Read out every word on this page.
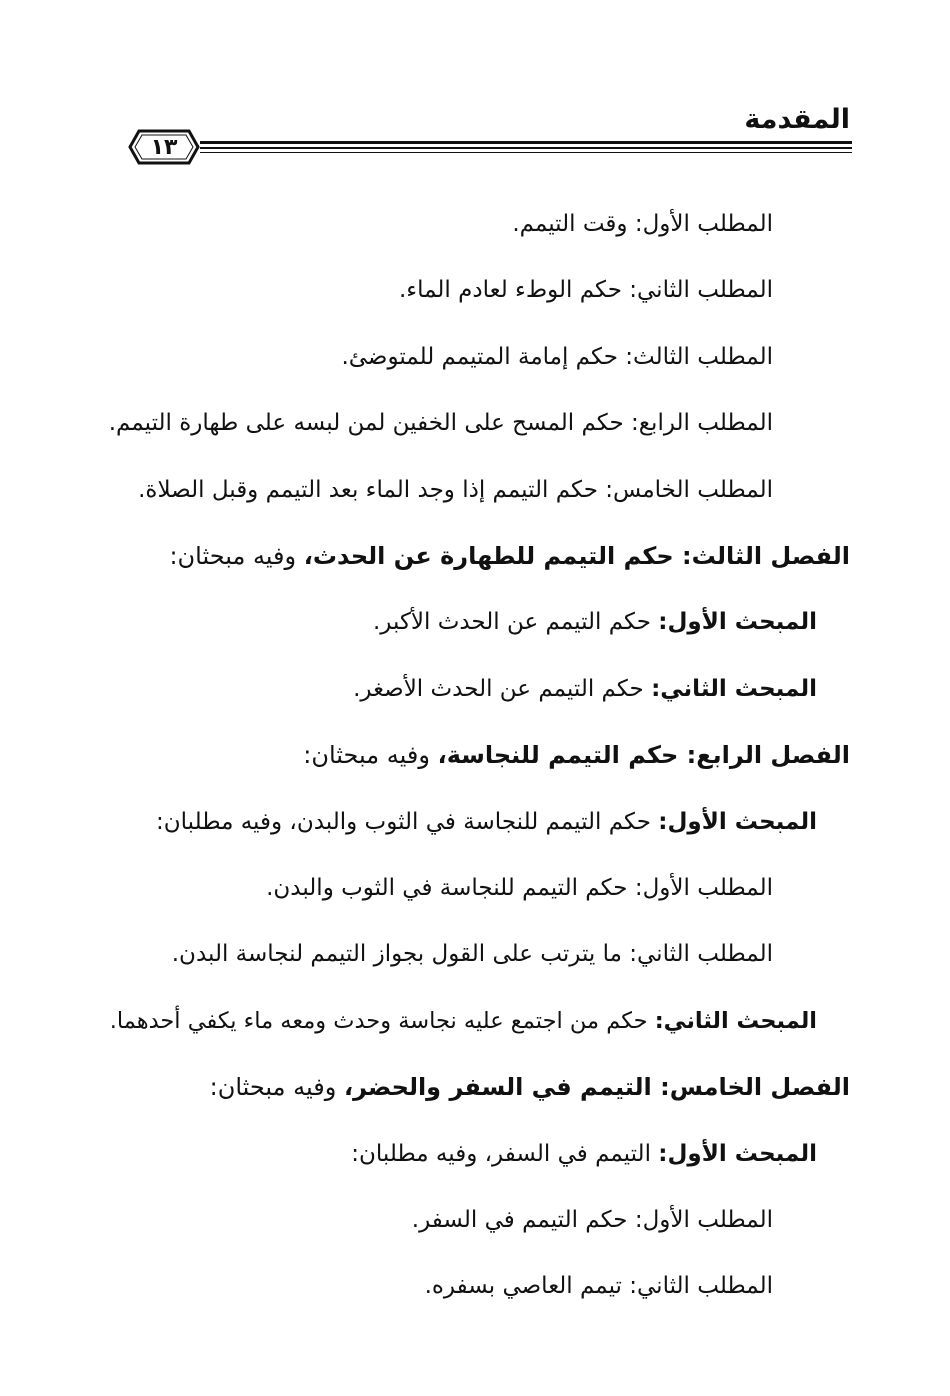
المقدمة
١٣
المطلب الأول: وقت التيمم.
المطلب الثاني: حكم الوطء لعادم الماء.
المطلب الثالث: حكم إمامة المتيمم للمتوضئ.
المطلب الرابع: حكم المسح على الخفين لمن لبسه على طهارة التيمم.
المطلب الخامس: حكم التيمم إذا وجد الماء بعد التيمم وقبل الصلاة.
الفصل الثالث: حكم التيمم للطهارة عن الحدث، وفيه مبحثان:
المبحث الأول: حكم التيمم عن الحدث الأكبر.
المبحث الثاني: حكم التيمم عن الحدث الأصغر.
الفصل الرابع: حكم التيمم للنجاسة، وفيه مبحثان:
المبحث الأول: حكم التيمم للنجاسة في الثوب والبدن، وفيه مطلبان:
المطلب الأول: حكم التيمم للنجاسة في الثوب والبدن.
المطلب الثاني: ما يترتب على القول بجواز التيمم لنجاسة البدن.
المبحث الثاني: حكم من اجتمع عليه نجاسة وحدث ومعه ماء يكفي أحدهما.
الفصل الخامس: التيمم في السفر والحضر، وفيه مبحثان:
المبحث الأول: التيمم في السفر، وفيه مطلبان:
المطلب الأول: حكم التيمم في السفر.
المطلب الثاني: تيمم العاصي بسفره.
